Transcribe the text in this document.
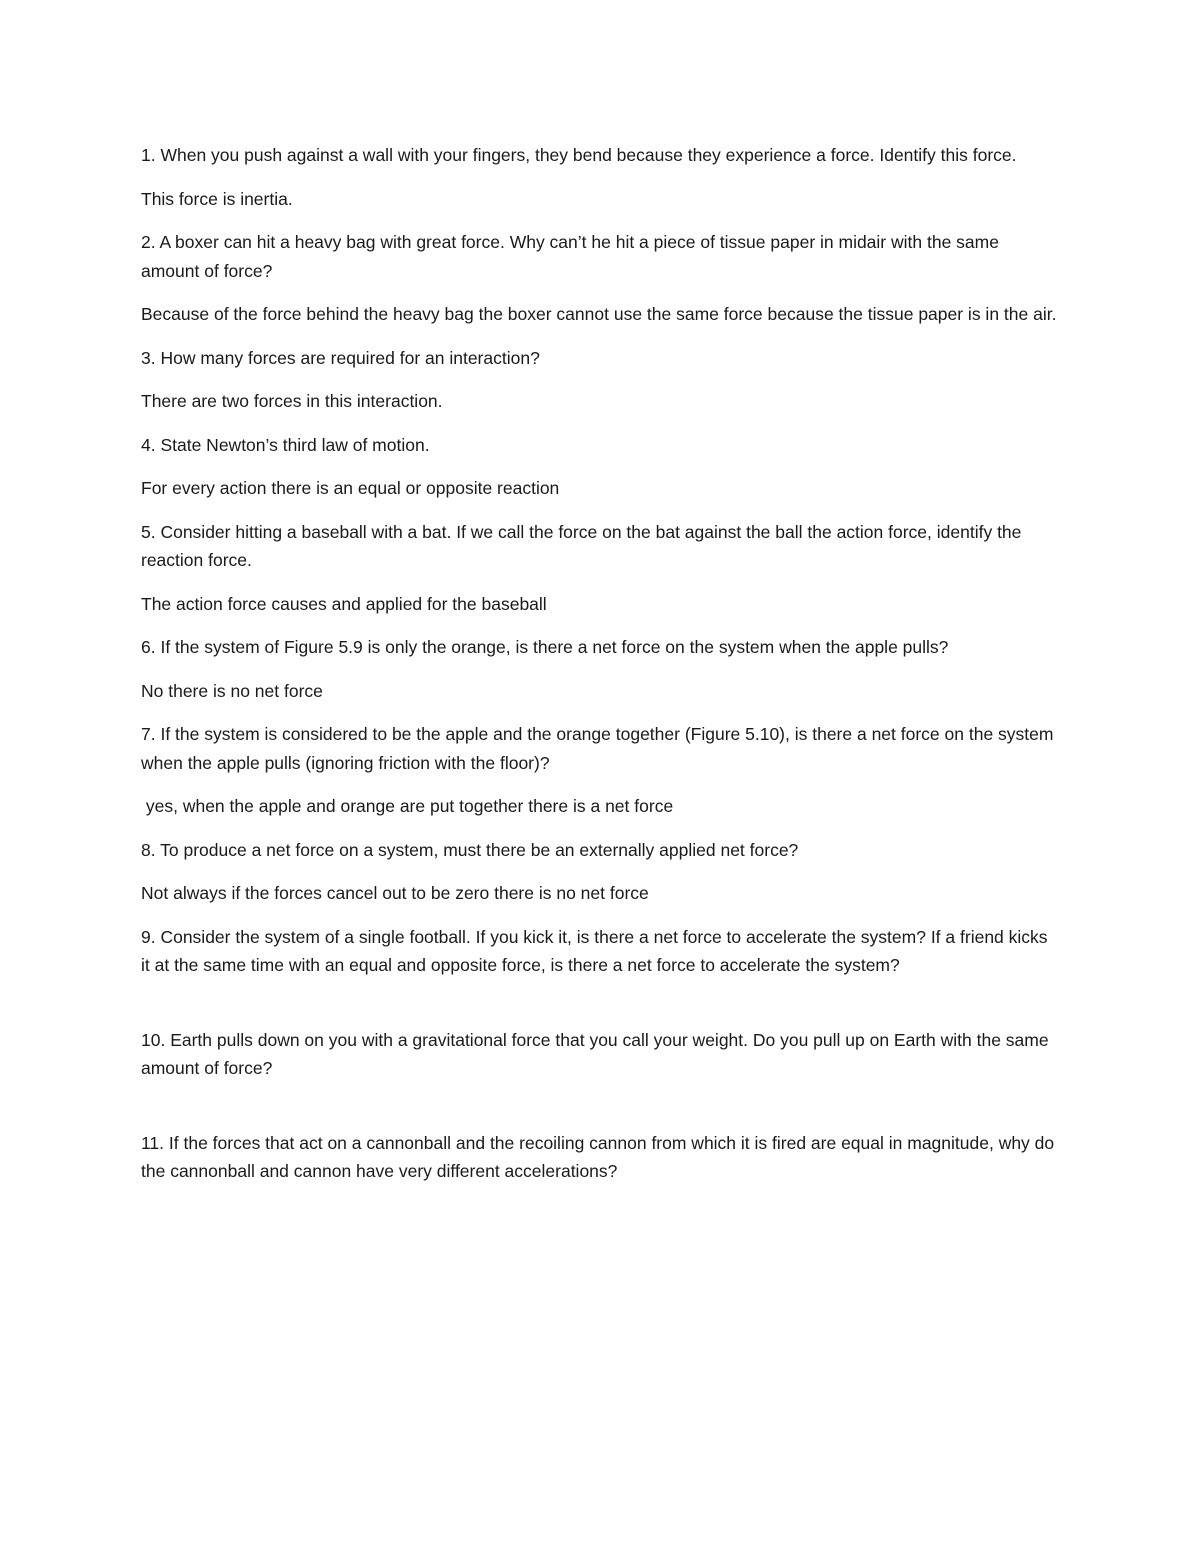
1. When you push against a wall with your fingers, they bend because they experience a force. Identify this force.

This force is inertia.

2. A boxer can hit a heavy bag with great force. Why can’t he hit a piece of tissue paper in midair with the same amount of force?

Because of the force behind the heavy bag the boxer cannot use the same force because the tissue paper is in the air.

3. How many forces are required for an interaction?

There are two forces in this interaction.

4. State Newton’s third law of motion.

For every action there is an equal or opposite reaction

5. Consider hitting a baseball with a bat. If we call the force on the bat against the ball the action force, identify the reaction force.

The action force causes and applied for the baseball

6. If the system of Figure 5.9 is only the orange, is there a net force on the system when the apple pulls?

No there is no net force

7. If the system is considered to be the apple and the orange together (Figure 5.10), is there a net force on the system when the apple pulls (ignoring friction with the floor)?

yes, when the apple and orange are put together there is a net force

8. To produce a net force on a system, must there be an externally applied net force?

Not always if the forces cancel out to be zero there is no net force

9. Consider the system of a single football. If you kick it, is there a net force to accelerate the system? If a friend kicks it at the same time with an equal and opposite force, is there a net force to accelerate the system?

10. Earth pulls down on you with a gravitational force that you call your weight. Do you pull up on Earth with the same amount of force?

11. If the forces that act on a cannonball and the recoiling cannon from which it is fired are equal in magnitude, why do the cannonball and cannon have very different accelerations?
